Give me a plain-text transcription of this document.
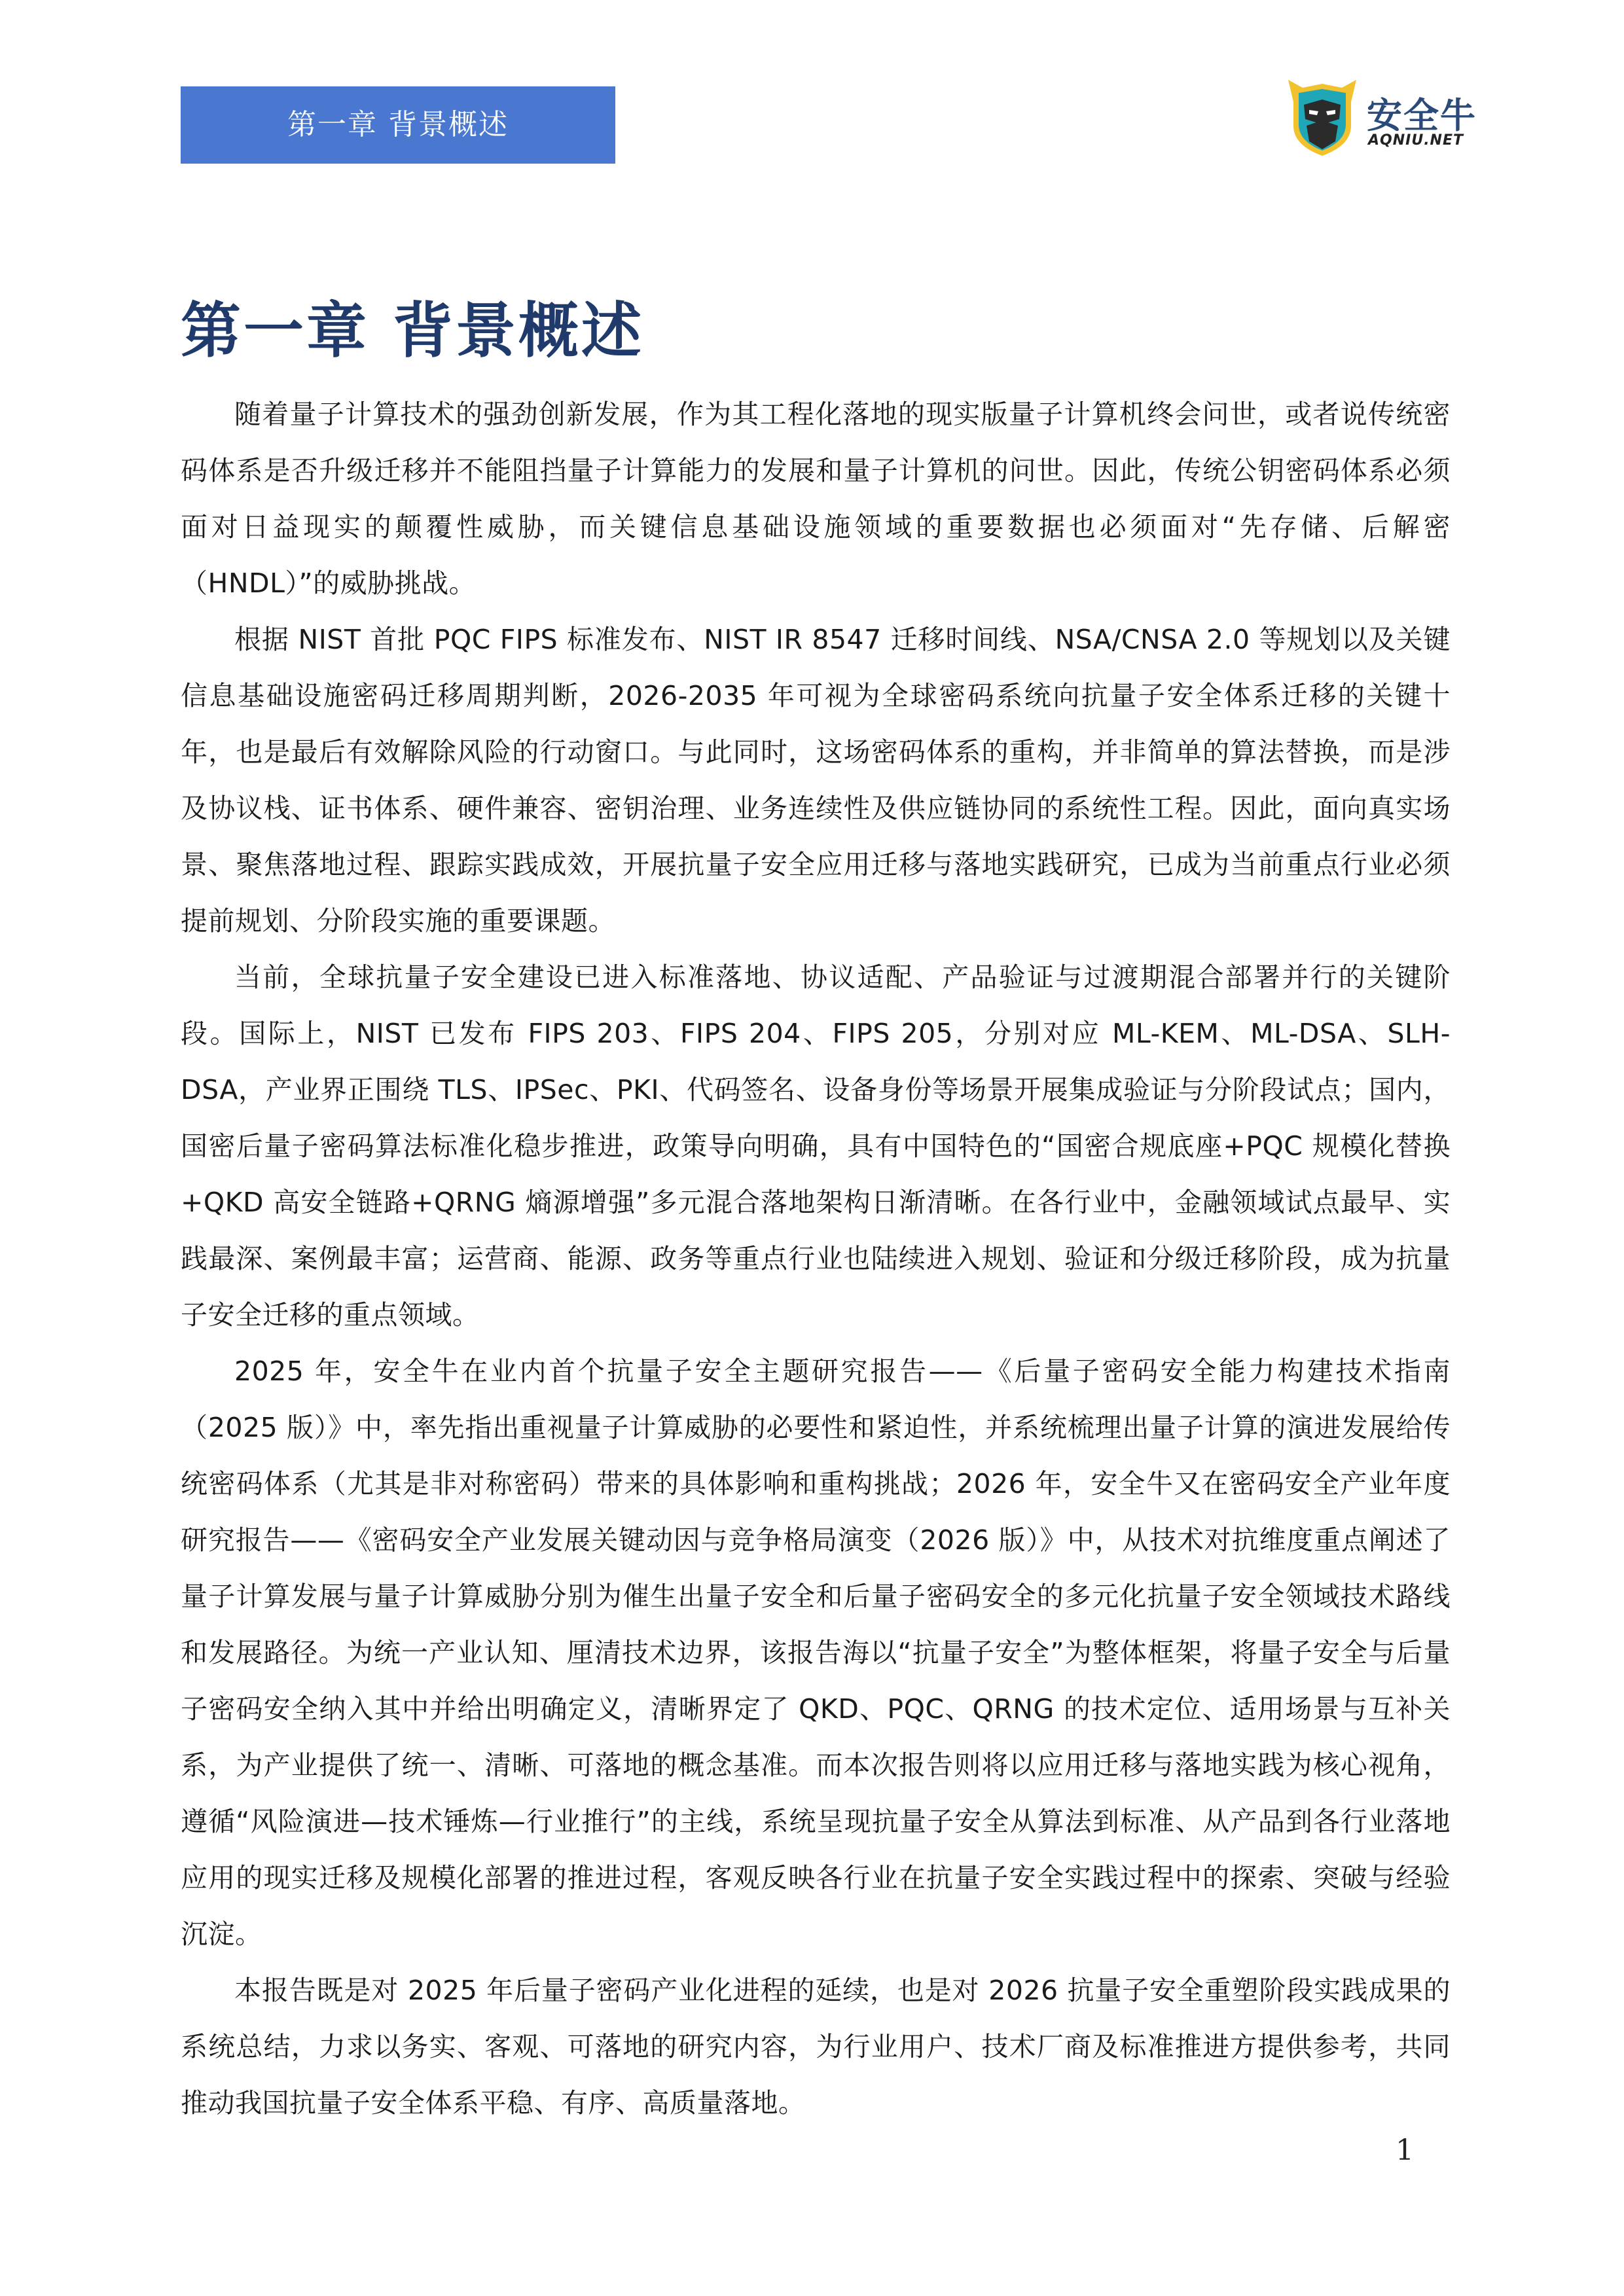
第一章 背景概述	安全牛
AQNIU.NET
第一章 背景概述

随着量子计算技术的强劲创新发展，作为其工程化落地的现实版量子计算机终会问世，或者说传统密码体系是否升级迁移并不能阻挡量子计算能力的发展和量子计算机的问世。因此，传统公钥密码体系必须面对日益现实的颠覆性威胁，而关键信息基础设施领域的重要数据也必须面对“先存储、后解密（HNDL）”的威胁挑战。

根据 NIST 首批 PQC FIPS 标准发布、NIST IR 8547 迁移时间线、NSA/CNSA 2.0 等规划以及关键信息基础设施密码迁移周期判断，2026-2035 年可视为全球密码系统向抗量子安全体系迁移的关键十年，也是最后有效解除风险的行动窗口。与此同时，这场密码体系的重构，并非简单的算法替换，而是涉及协议栈、证书体系、硬件兼容、密钥治理、业务连续性及供应链协同的系统性工程。因此，面向真实场景、聚焦落地过程、跟踪实践成效，开展抗量子安全应用迁移与落地实践研究，已成为当前重点行业必须提前规划、分阶段实施的重要课题。

当前，全球抗量子安全建设已进入标准落地、协议适配、产品验证与过渡期混合部署并行的关键阶段。国际上，NIST 已发布 FIPS 203、FIPS 204、FIPS 205，分别对应 ML-KEM、ML-DSA、SLH-DSA，产业界正围绕 TLS、IPSec、PKI、代码签名、设备身份等场景开展集成验证与分阶段试点；国内，国密后量子密码算法标准化稳步推进，政策导向明确，具有中国特色的“国密合规底座+PQC 规模化替换+QKD 高安全链路+QRNG 熵源增强”多元混合落地架构日渐清晰。在各行业中，金融领域试点最早、实践最深、案例最丰富；运营商、能源、政务等重点行业也陆续进入规划、验证和分级迁移阶段，成为抗量子安全迁移的重点领域。

2025 年，安全牛在业内首个抗量子安全主题研究报告——《后量子密码安全能力构建技术指南（2025 版）》中，率先指出重视量子计算威胁的必要性和紧迫性，并系统梳理出量子计算的演进发展给传统密码体系（尤其是非对称密码）带来的具体影响和重构挑战；2026 年，安全牛又在密码安全产业年度研究报告——《密码安全产业发展关键动因与竞争格局演变（2026 版）》中，从技术对抗维度重点阐述了量子计算发展与量子计算威胁分别为催生出量子安全和后量子密码安全的多元化抗量子安全领域技术路线和发展路径。为统一产业认知、厘清技术边界，该报告海以“抗量子安全”为整体框架，将量子安全与后量子密码安全纳入其中并给出明确定义，清晰界定了 QKD、PQC、QRNG 的技术定位、适用场景与互补关系，为产业提供了统一、清晰、可落地的概念基准。而本次报告则将以应用迁移与落地实践为核心视角，遵循“风险演进—技术锤炼—行业推行”的主线，系统呈现抗量子安全从算法到标准、从产品到各行业落地应用的现实迁移及规模化部署的推进过程，客观反映各行业在抗量子安全实践过程中的探索、突破与经验沉淀。

本报告既是对 2025 年后量子密码产业化进程的延续，也是对 2026 抗量子安全重塑阶段实践成果的系统总结，力求以务实、客观、可落地的研究内容，为行业用户、技术厂商及标准推进方提供参考，共同推动我国抗量子安全体系平稳、有序、高质量落地。

1
